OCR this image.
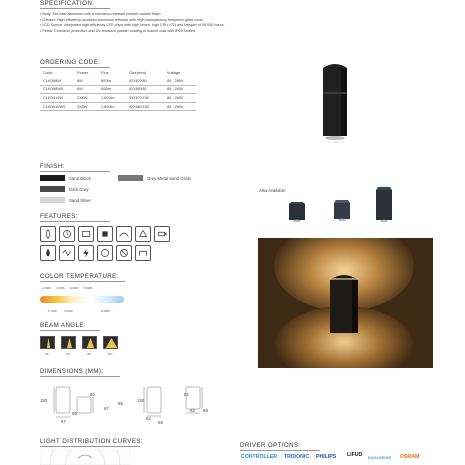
SPECIFICATION:
• Body: Die-cast aluminum with a corrosion-resistant powder-coated finish.
• Diffuser: High efficiency anodized aluminum reflector with High-transparency tempered glass cover.
• LED Source: Integrated high-efficiency LED chips with high lumen, high CRI (>70) and lifespan of 50,000 hours.
• Finish: Corrosion protection and UV-resistant powder coating or marine coat with IP66 Sealed.
ORDERING CODE:
Code	Power	Flux	Size(mm)	Voltage
CLK0N8W	8W	800lm	92X67X80	85 - 265V
CLK0N8WS	8W	800lm	92X68X81	85 - 265V
CLK0N16W	2X8W	1,600lm	95X67X150	85 - 265V
CLK0N16WS	2X8W	1,600lm	92X68X150	85 - 265V
FINISH:
Sand Black
Dark Grey
Sand Silver
Grey Metal Sand Grain
Also Available:
FEATURES:
COLOR TEMPERATURE:
2,200K 3,000K 4,000K 5,000K
2,700K	3,500K	6,500K
BEAM ANGLE:
15°	24°	36°	60°
DIMENSIONS (MM):
150
95
67
80
95
67
150
92
68
81
92 68
LIGHT DISTRIBUTION CURVES:
DRIVER OPTIONS:
CONTROLLER TRIDONIC PHILIPS LIFUD EAGLERISE OSRAM
